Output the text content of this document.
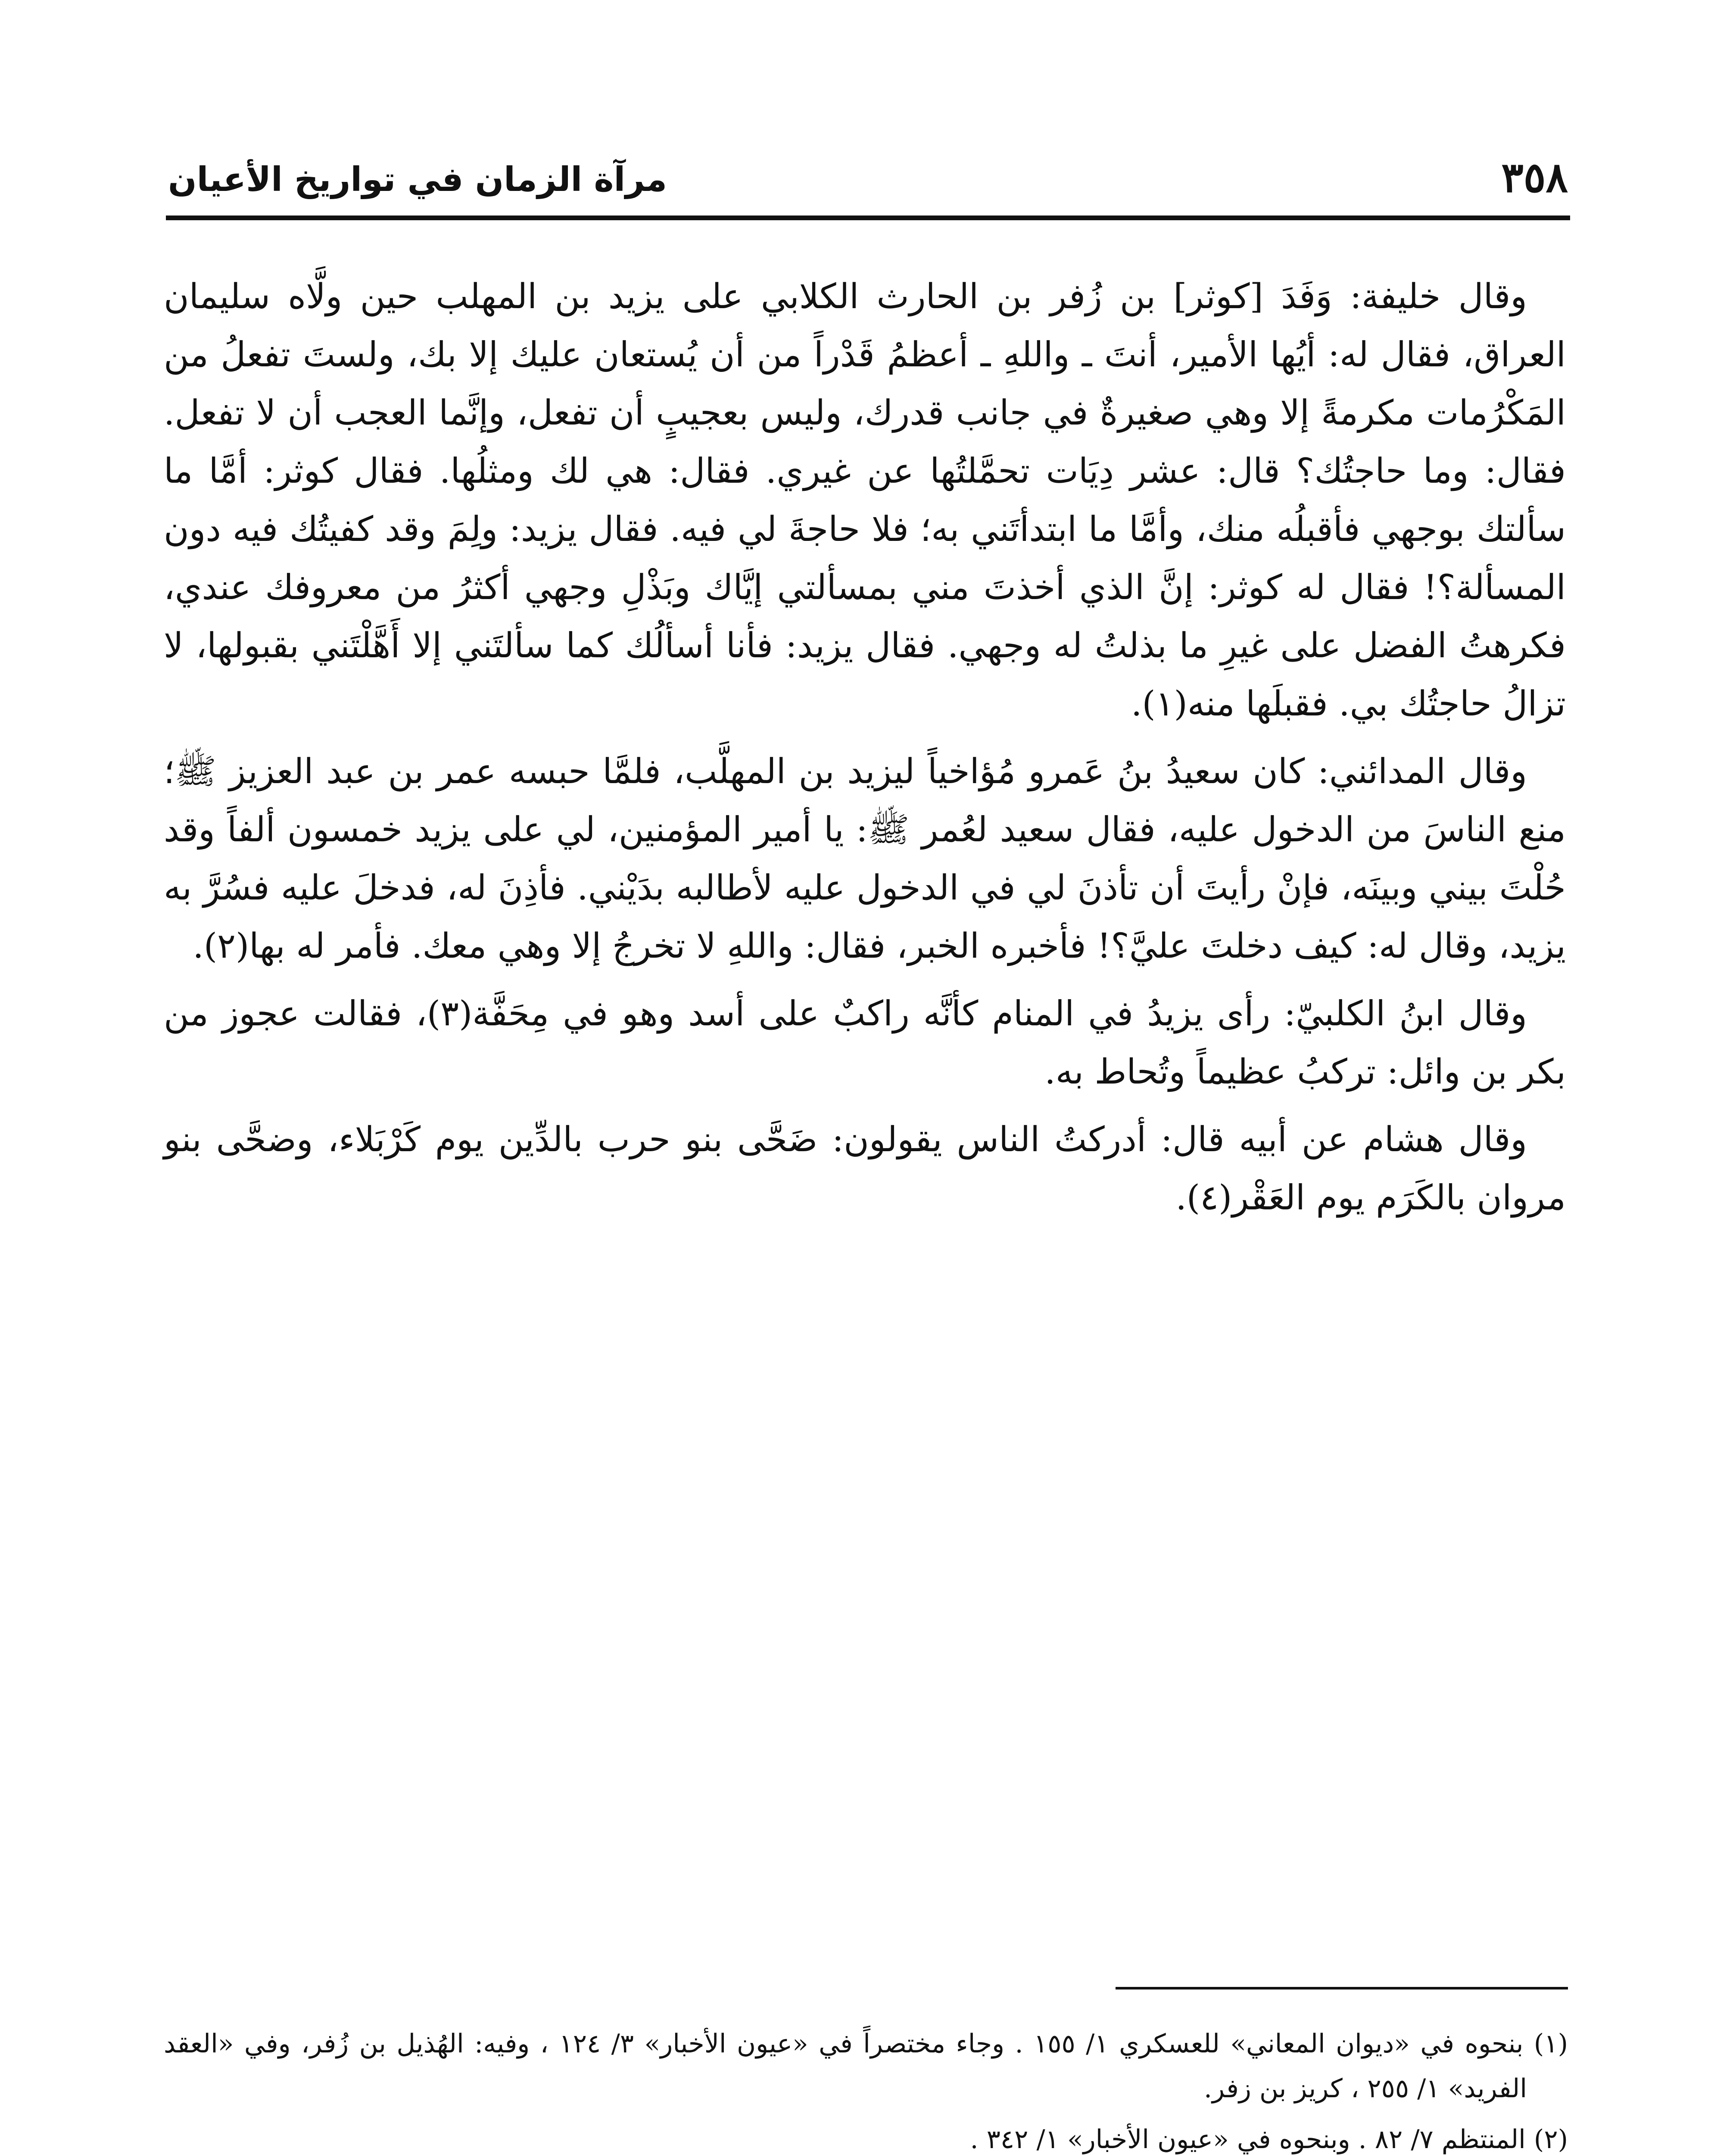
٣٥٨
مرآة الزمان في تواريخ الأعيان

وقال خليفة: وَفَدَ [كوثر] بن زُفر بن الحارث الكلابي على يزيد بن المهلب حين ولَّاه سليمان العراق، فقال له: أيُها الأمير، أنتَ ـ واللهِ ـ أعظمُ قَدْراً من أن يُستعان عليك إلا بك، ولستَ تفعلُ من المَكْرُمات مكرمةً إلا وهي صغيرةٌ في جانب قدرك، وليس بعجيبٍ أن تفعل، وإنَّما العجب أن لا تفعل. فقال: وما حاجتُك؟ قال: عشر دِيَات تحمَّلتُها عن غيري. فقال: هي لك ومثلُها. فقال كوثر: أمَّا ما سألتك بوجهي فأقبلُه منك، وأمَّا ما ابتدأتَني به؛ فلا حاجةَ لي فيه. فقال يزيد: ولِمَ وقد كفيتُك فيه دون المسألة؟! فقال له كوثر: إنَّ الذي أخذتَ مني بمسألتي إيَّاك وبَذْلِ وجهي أكثرُ من معروفك عندي، فكرهتُ الفضل على غيرِ ما بذلتُ له وجهي. فقال يزيد: فأنا أسألُك كما سألتَني إلا أَهَّلْتَني بقبولها، لا تزالُ حاجتُك بي. فقبلَها منه(١).

وقال المدائني: كان سعيدُ بنُ عَمرو مُؤاخياً ليزيد بن المهلَّب، فلمَّا حبسه عمر بن عبد العزيز ﷺ؛ منع الناسَ من الدخول عليه، فقال سعيد لعُمر ﷺ: يا أمير المؤمنين، لي على يزيد خمسون ألفاً وقد حُلْتَ بيني وبينَه، فإنْ رأيتَ أن تأذنَ لي في الدخول عليه لأطالبه بدَيْني. فأذِنَ له، فدخلَ عليه فسُرَّ به يزيد، وقال له: كيف دخلتَ عليَّ؟! فأخبره الخبر، فقال: واللهِ لا تخرجُ إلا وهي معك. فأمر له بها(٢).

وقال ابنُ الكلبيّ: رأى يزيدُ في المنام كأنَّه راكبٌ على أسد وهو في مِحَفَّة(٣)، فقالت عجوز من بكر بن وائل: تركبُ عظيماً وتُحاط به.

وقال هشام عن أبيه قال: أدركتُ الناس يقولون: ضَحَّى بنو حرب بالدِّين يوم كَرْبَلاء، وضحَّى بنو مروان بالكَرَم يوم العَقْر(٤).

(١) بنحوه في «ديوان المعاني» للعسكري ١/ ١٥٥ . وجاء مختصراً في «عيون الأخبار» ٣/ ١٢٤ ، وفيه: الهُذيل بن زُفر، وفي «العقد الفريد» ١/ ٢٥٥ ، كريز بن زفر.

(٢) المنتظم ٧/ ٨٢ . وبنحوه في «عيون الأخبار» ١/ ٣٤٢ .
